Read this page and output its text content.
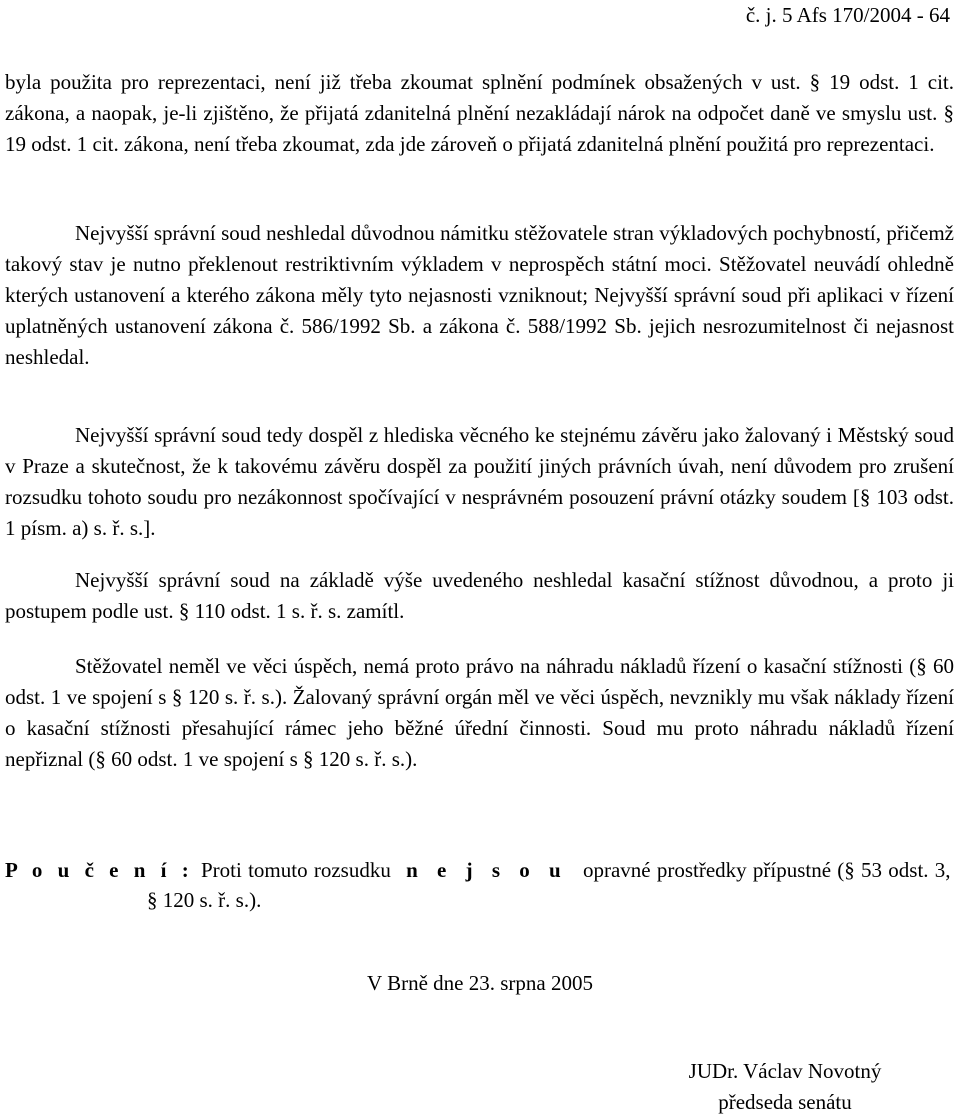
č. j. 5 Afs 170/2004 - 64

byla použita pro reprezentaci, není již třeba zkoumat splnění podmínek obsažených v ust. § 19 odst. 1 cit. zákona, a naopak, je-li zjištěno, že přijatá zdanitelná plnění nezakládají nárok na odpočet daně ve smyslu ust. § 19 odst. 1 cit. zákona, není třeba zkoumat, zda jde zároveň o přijatá zdanitelná plnění použitá pro reprezentaci.

Nejvyšší správní soud neshledal důvodnou námitku stěžovatele stran výkladových pochybností, přičemž takový stav je nutno překlenout restriktivním výkladem v neprospěch státní moci. Stěžovatel neuvádí ohledně kterých ustanovení a kterého zákona měly tyto nejasnosti vzniknout; Nejvyšší správní soud při aplikaci v řízení uplatněných ustanovení zákona č. 586/1992 Sb. a zákona č. 588/1992 Sb. jejich nesrozumitelnost či nejasnost neshledal.

Nejvyšší správní soud tedy dospěl z hlediska věcného ke stejnému závěru jako žalovaný i Městský soud v Praze a skutečnost, že k takovému závěru dospěl za použití jiných právních úvah, není důvodem pro zrušení rozsudku tohoto soudu pro nezákonnost spočívající v nesprávném posouzení právní otázky soudem [§ 103 odst. 1 písm. a) s. ř. s.].

Nejvyšší správní soud na základě výše uvedeného neshledal kasační stížnost důvodnou, a proto ji postupem podle ust. § 110 odst. 1 s. ř. s. zamítl.

Stěžovatel neměl ve věci úspěch, nemá proto právo na náhradu nákladů řízení o kasační stížnosti (§ 60 odst. 1 ve spojení s § 120 s. ř. s.). Žalovaný správní orgán měl ve věci úspěch, nevznikly mu však náklady řízení o kasační stížnosti přesahující rámec jeho běžné úřední činnosti. Soud mu proto náhradu nákladů řízení nepřiznal (§ 60 odst. 1 ve spojení s § 120 s. ř. s.).

P o u č e n í : Proti tomuto rozsudku n e j s o u opravné prostředky přípustné (§ 53 odst. 3,
§ 120 s. ř. s.).
V Brně dne 23. srpna 2005
JUDr. Václav Novotný
předseda senátu
